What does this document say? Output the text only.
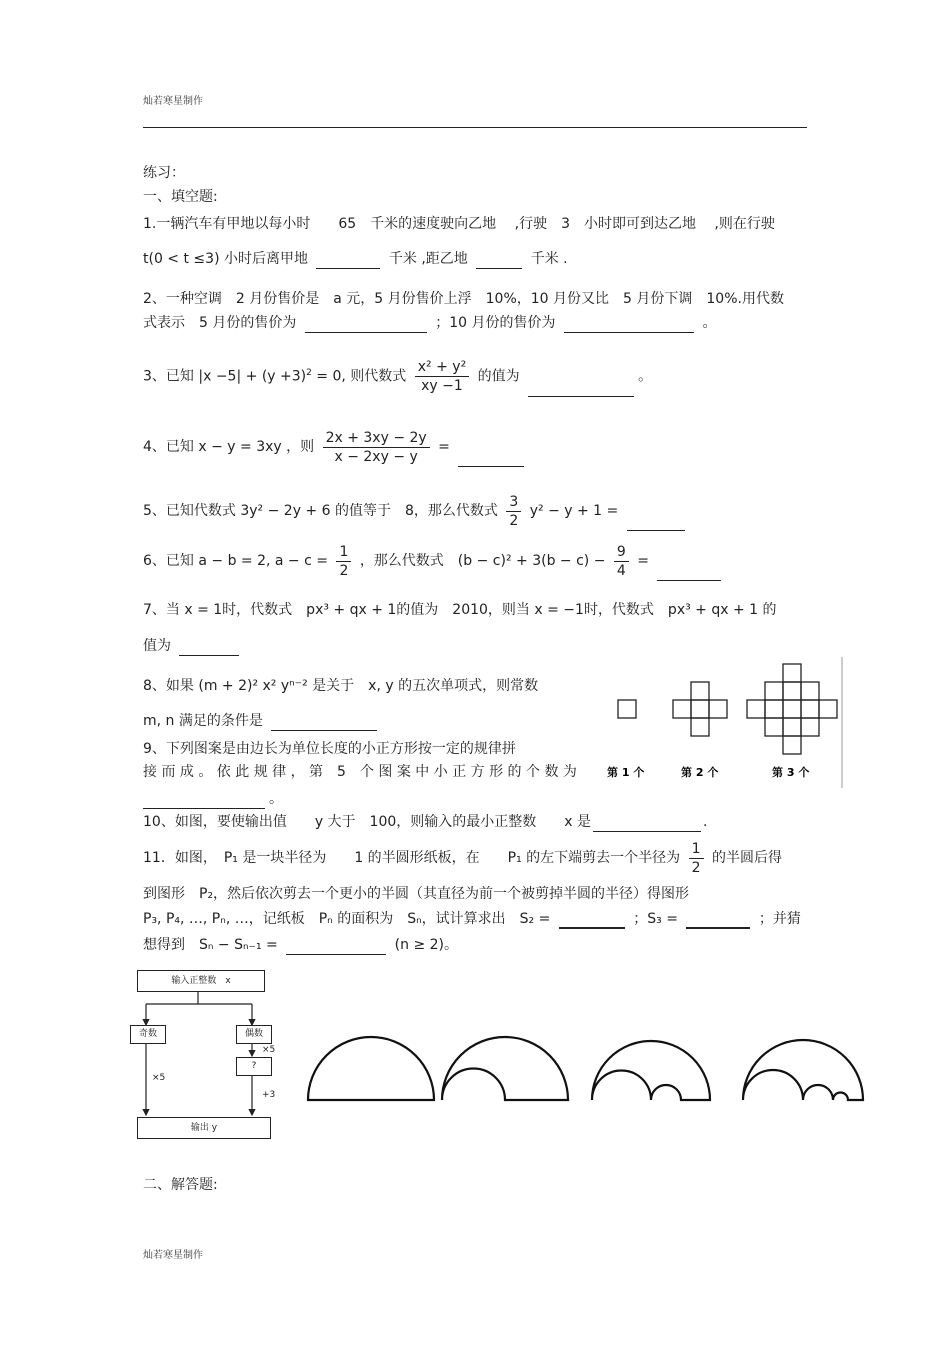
灿若寒星制作
练习：
一、填空题:
1.一辆汽车有甲地以每小时　　65　千米的速度驶向乙地　 ,行驶　3　小时即可到达乙地　 ,则在行驶
t(0 < t ≤3) 小时后离甲地	千米 ,距乙地	千米 .
2、一种空调　2 月份售价是　a 元，5 月份售价上浮　10%，10 月份又比　5 月份下调　10%.用代数
式表示　5 月份的售价为	；10 月份的售价为	。
3、已知 $|x -5| + (y +3)^2 = 0$, 则代数式 $\frac{\text{x² + y²}}{xy -1}$ 的值为	。
4、已知 x − y = 3xy ，则 $\frac{2x + 3xy - 2y}{x - 2xy - y}$ =
5、已知代数式 3y² − 2y + 6 的值等于　8，那么代数式 $\frac{3}{2} y^2 - y + 1$ =
6、已知 a − b = 2, $a - c = \frac{1}{2}$ ，那么代数式　$(b - c)^2 + 3(b - c) - \frac{9}{4}$ =
7、当 x = 1时，代数式　px³ + qx + 1的值为　2010，则当 x = −1时，代数式　px³ + qx + 1 的
值为
8、如果 (m + 2)² x² yⁿ⁻² 是关于　x, y 的五次单项式，则常数
m, n 满足的条件是
9、下列图案是由边长为单位长度的小正方形按一定的规律拼
接 而 成 。 依 此 规 律 ， 第　5　个 图 案 中 小 正 方 形 的 个 数 为
。
第 1 个	第 2 个	第 3 个
10、如图，要使输出值　　y 大于　100，则输入的最小正整数　　x 是	.
11．如图，　P₁ 是一块半径为　　1 的半圆形纸板，在　　P₁ 的左下端剪去一个半径为 $\frac{1}{2}$ 的半圆后得
到图形　P₂，然后依次剪去一个更小的半圆（其直径为前一个被剪掉半圆的半径）得图形
P₃, P₄, …, Pₙ, …，记纸板　Pₙ 的面积为　Sₙ，试计算求出　S₂ =	；S₃ =	；并猜
想得到　Sₙ − Sₙ₋₁ =	(n ≥ 2)。
输入正整数　x
奇数	偶数
?
×5
×5
+3
输出 y
二、解答题:
灿若寒星制作
